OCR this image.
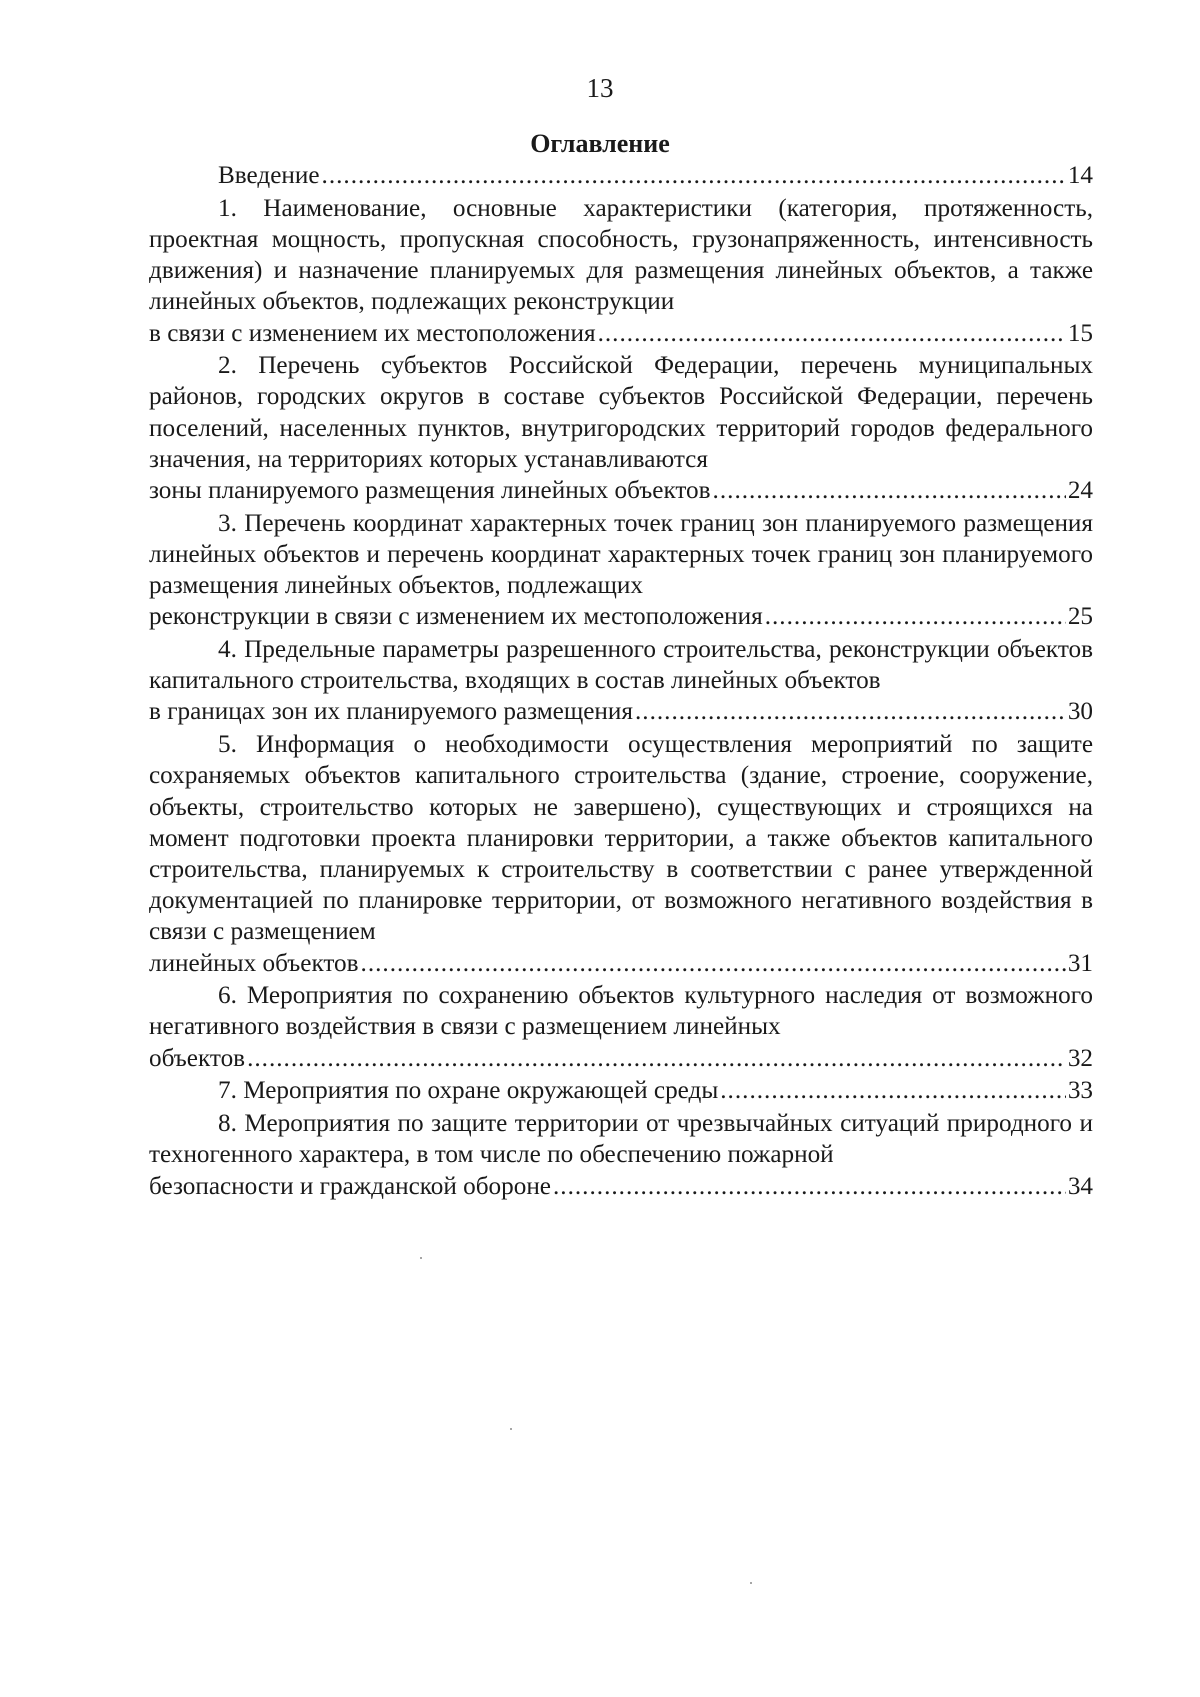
13
Оглавление
Введение .....	14
1. Наименование, основные характеристики (категория, протяженность, проектная мощность, пропускная способность, грузонапряженность, интенсивность движения) и назначение планируемых для размещения линейных объектов, а также линейных объектов, подлежащих реконструкции
в связи с изменением их местоположения .....	15
2. Перечень субъектов Российской Федерации, перечень муниципальных районов, городских округов в составе субъектов Российской Федерации, перечень поселений, населенных пунктов, внутригородских территорий городов федерального значения, на территориях которых устанавливаются
зоны планируемого размещения линейных объектов .....	24
3. Перечень координат характерных точек границ зон планируемого размещения линейных объектов и перечень координат характерных точек границ зон планируемого размещения линейных объектов, подлежащих
реконструкции в связи с изменением их местоположения .....	25
4. Предельные параметры разрешенного строительства, реконструкции объектов капитального строительства, входящих в состав линейных объектов
в границах зон их планируемого размещения .....	30
5. Информация о необходимости осуществления мероприятий по защите сохраняемых объектов капитального строительства (здание, строение, сооружение, объекты, строительство которых не завершено), существующих и строящихся на момент подготовки проекта планировки территории, а также объектов капитального строительства, планируемых к строительству в соответствии с ранее утвержденной документацией по планировке территории, от возможного негативного воздействия в связи с размещением
линейных объектов .....	31
6. Мероприятия по сохранению объектов культурного наследия от возможного негативного воздействия в связи с размещением линейных
объектов .....	32
7. Мероприятия по охране окружающей среды .....	33
8. Мероприятия по защите территории от чрезвычайных ситуаций природного и техногенного характера, в том числе по обеспечению пожарной
безопасности и гражданской обороне .....	34
